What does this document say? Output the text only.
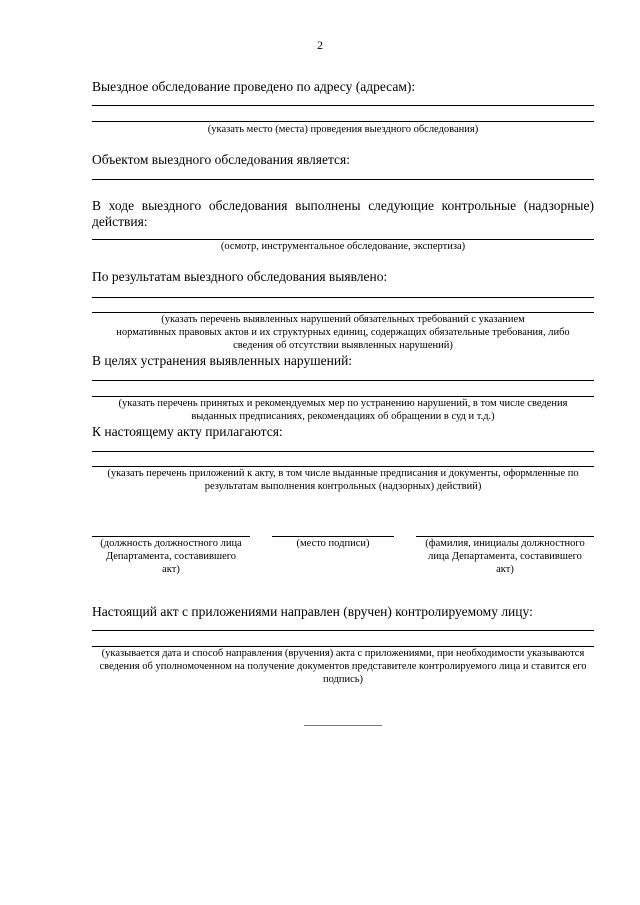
2
Выездное обследование проведено по адресу (адресам):
(указать место (места) проведения выездного обследования)
Объектом выездного обследования является:
В ходе выездного обследования выполнены следующие контрольные (надзорные)
действия:
(осмотр, инструментальное обследование, экспертиза)
По результатам выездного обследования выявлено:
(указать перечень выявленных нарушений обязательных требований с указанием
нормативных правовых актов и их структурных единиц, содержащих обязательные требования, либо
сведения об отсутствии выявленных нарушений)
В целях устранения выявленных нарушений:
(указать перечень принятых и рекомендуемых мер по устранению нарушений, в том числе сведения
выданных предписаниях, рекомендациях об обращении в суд и т.д.)
К настоящему акту прилагаются:
(указать перечень приложений к акту, в том числе выданные предписания и документы, оформленные по
результатам выполнения контрольных (надзорных) действий)
(должность должностного лица
Департамента, составившего
акт)
(место подписи)	(фамилия, инициалы должностного
лица Департамента, составившего
акт)
Настоящий акт с приложениями направлен (вручен) контролируемому лицу:
(указывается дата и способ направления (вручения) акта с приложениями, при необходимости указываются
сведения об уполномоченном на получение документов представителе контролируемого лица и ставится его
подпись)
